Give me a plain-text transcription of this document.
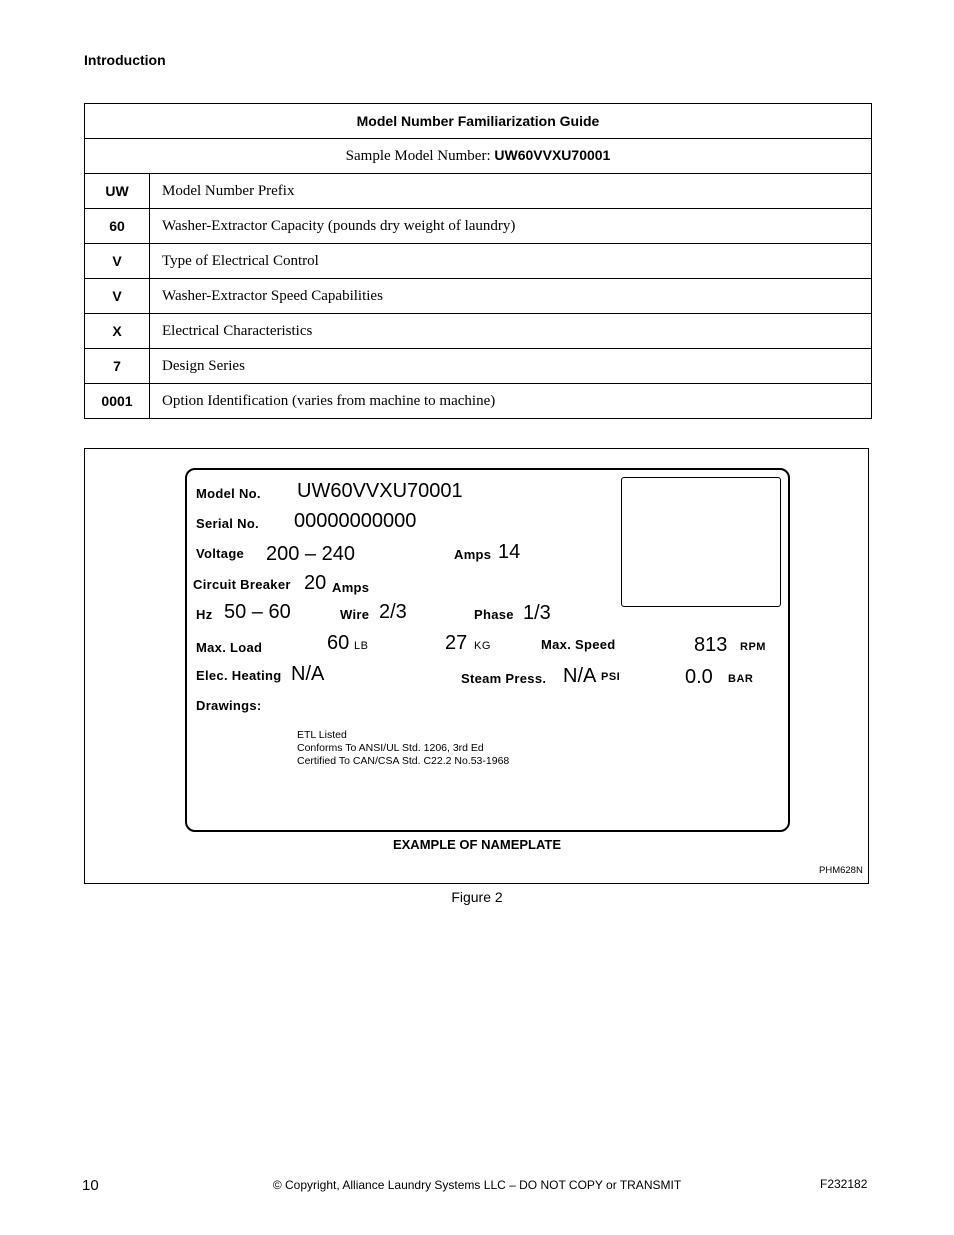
Introduction
Model Number Familiarization Guide	
Sample Model Number: UW60VVXU70001	
UW	Model Number Prefix
60	Washer-Extractor Capacity (pounds dry weight of laundry)
V	Type of Electrical Control
V	Washer-Extractor Speed Capabilities
X	Electrical Characteristics
7	Design Series
0001	Option Identification (varies from machine to machine)
Model No. UW60VVXU70001
Serial No. 00000000000
Voltage 200 – 240	Amps 14
Circuit Breaker 20 Amps
Hz 50 – 60	Wire 2/3	Phase 1/3
Max. Load	60 LB	27 KG	Max. Speed	813 RPM
Elec. Heating N/A	Steam Press. N/A PSI	0.0 BAR
Drawings:
ETL Listed
Conforms To ANSI/UL Std. 1206, 3rd Ed
Certified To CAN/CSA Std. C22.2 No.53-1968
EXAMPLE OF NAMEPLATE
PHM628N
Figure 2
10	© Copyright, Alliance Laundry Systems LLC – DO NOT COPY or TRANSMIT	F232182
